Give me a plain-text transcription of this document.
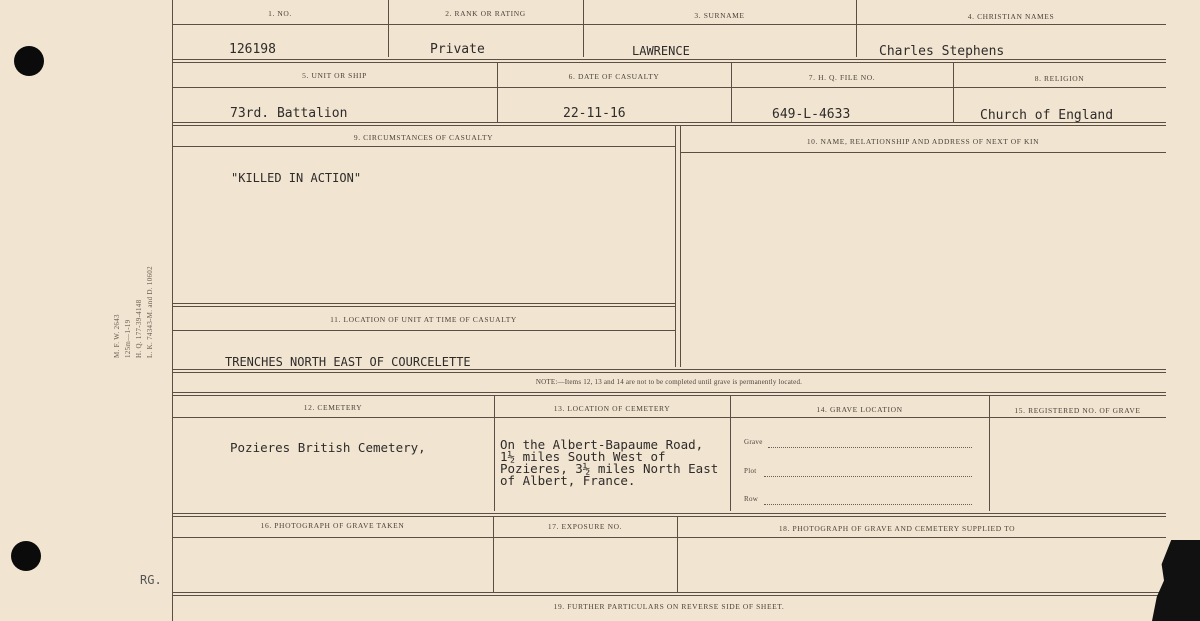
M. F. W. 2643 125m—1-19 H. Q. 177-39-4148 L. K. 74343-M. and D. 10602
RG.
1. NO.	2. RANK OR RATING	3. SURNAME	4. CHRISTIAN NAMES
126198	Private	LAWRENCE	Charles Stephens
5. UNIT OR SHIP	6. DATE OF CASUALTY	7. H. Q. FILE NO.	8. RELIGION
73rd. Battalion	22-11-16	649-L-4633	Church of England
9. CIRCUMSTANCES OF CASUALTY	10. NAME, RELATIONSHIP AND ADDRESS OF NEXT OF KIN
"KILLED IN ACTION"
11. LOCATION OF UNIT AT TIME OF CASUALTY
TRENCHES NORTH EAST OF COURCELETTE
NOTE:—Items 12, 13 and 14 are not to be completed until grave is permanently located.
12. CEMETERY	13. LOCATION OF CEMETERY	14. GRAVE LOCATION	15. REGISTERED NO. OF GRAVE
Pozieres British Cemetery,	On the Albert-Bapaume Road,
1½ miles South West of
Pozieres, 3½ miles North East
of Albert, France.
Grave
Plot
Row
16. PHOTOGRAPH OF GRAVE TAKEN	17. EXPOSURE NO.	18. PHOTOGRAPH OF GRAVE AND CEMETERY SUPPLIED TO
19. FURTHER PARTICULARS ON REVERSE SIDE OF SHEET.
